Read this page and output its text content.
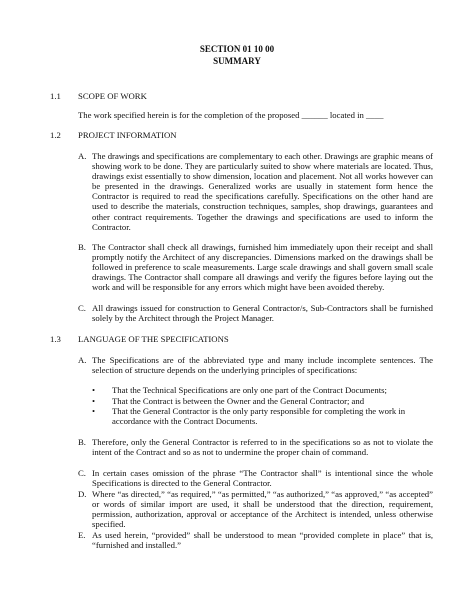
SECTION 01 10 00
SUMMARY
1.1 SCOPE OF WORK
The work specified herein is for the completion of the proposed ______ located in ____
1.2 PROJECT INFORMATION
A. The drawings and specifications are complementary to each other. Drawings are graphic means of showing work to be done. They are particularly suited to show where materials are located. Thus, drawings exist essentially to show dimension, location and placement. Not all works however can be presented in the drawings. Generalized works are usually in statement form hence the Contractor is required to read the specifications carefully. Specifications on the other hand are used to describe the materials, construction techniques, samples, shop drawings, guarantees and other contract requirements. Together the drawings and specifications are used to inform the Contractor.
B. The Contractor shall check all drawings, furnished him immediately upon their receipt and shall promptly notify the Architect of any discrepancies. Dimensions marked on the drawings shall be followed in preference to scale measurements. Large scale drawings and shall govern small scale drawings. The Contractor shall compare all drawings and verify the figures before laying out the work and will be responsible for any errors which might have been avoided thereby.
C. All drawings issued for construction to General Contractor/s, Sub-Contractors shall be furnished solely by the Architect through the Project Manager.
1.3 LANGUAGE OF THE SPECIFICATIONS
A. The Specifications are of the abbreviated type and many include incomplete sentences. The selection of structure depends on the underlying principles of specifications:
• That the Technical Specifications are only one part of the Contract Documents;
• That the Contract is between the Owner and the General Contractor; and
• That the General Contractor is the only party responsible for completing the work in accordance with the Contract Documents.
B. Therefore, only the General Contractor is referred to in the specifications so as not to violate the intent of the Contract and so as not to undermine the proper chain of command.
C. In certain cases omission of the phrase “The Contractor shall” is intentional since the whole Specifications is directed to the General Contractor.
D. Where “as directed,” “as required,” “as permitted,” “as authorized,” “as approved,” “as accepted” or words of similar import are used, it shall be understood that the direction, requirement, permission, authorization, approval or acceptance of the Architect is intended, unless otherwise specified.
E. As used herein, “provided” shall be understood to mean “provided complete in place” that is, “furnished and installed.”
